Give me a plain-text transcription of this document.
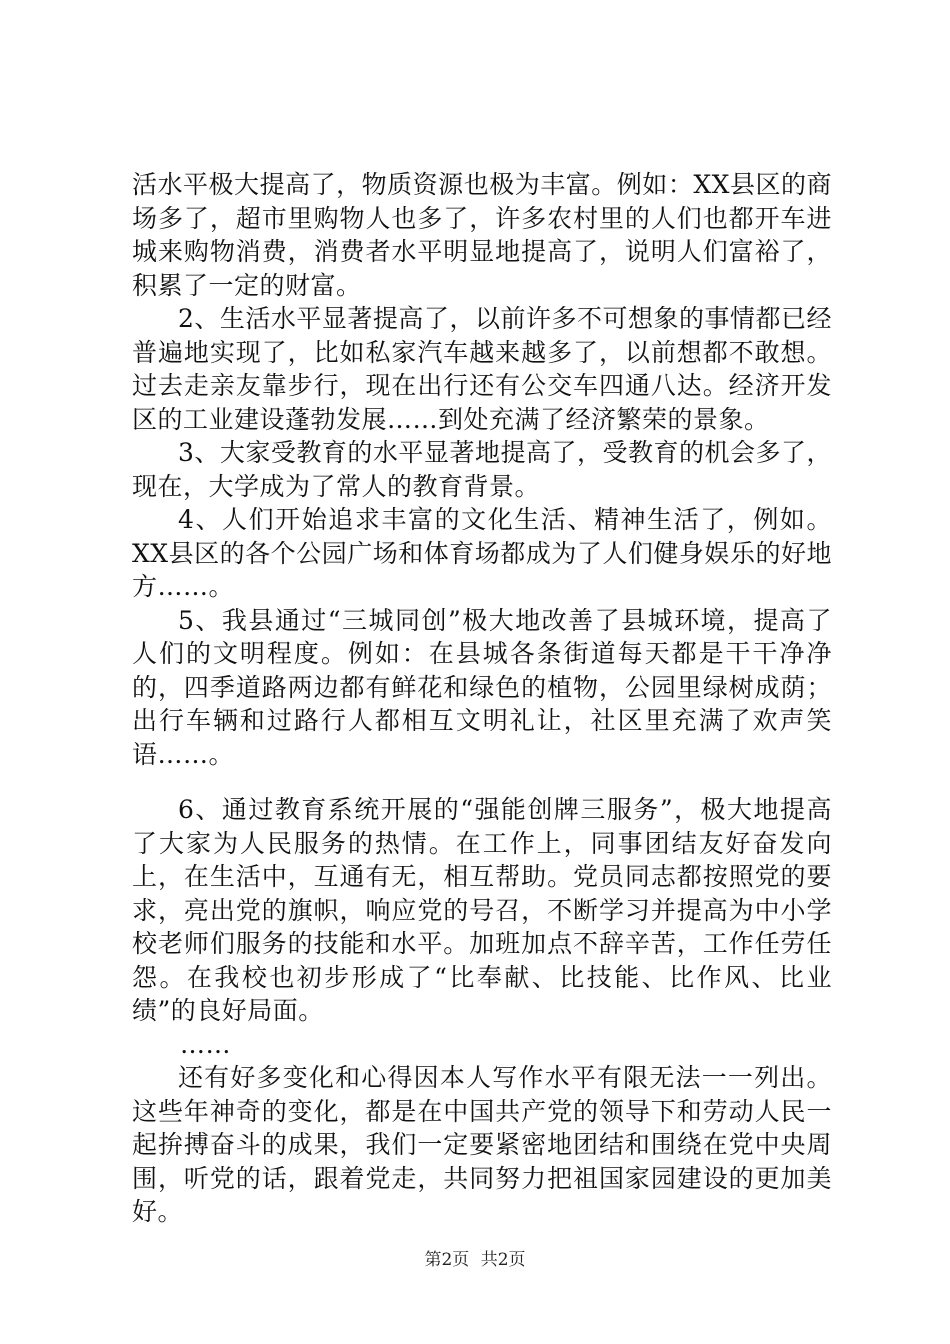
活水平极大提高了，物质资源也极为丰富。例如：XX县区的商场多了，超市里购物人也多了，许多农村里的人们也都开车进城来购物消费，消费者水平明显地提高了，说明人们富裕了，积累了一定的财富。

2、生活水平显著提高了，以前许多不可想象的事情都已经普遍地实现了，比如私家汽车越来越多了，以前想都不敢想。过去走亲友靠步行，现在出行还有公交车四通八达。经济开发区的工业建设蓬勃发展……到处充满了经济繁荣的景象。

3、大家受教育的水平显著地提高了，受教育的机会多了，现在，大学成为了常人的教育背景。

4、人们开始追求丰富的文化生活、精神生活了，例如。XX县区的各个公园广场和体育场都成为了人们健身娱乐的好地方……。

5、我县通过“三城同创”极大地改善了县城环境，提高了人们的文明程度。例如：在县城各条街道每天都是干干净净的，四季道路两边都有鲜花和绿色的植物，公园里绿树成荫；出行车辆和过路行人都相互文明礼让，社区里充满了欢声笑语……。

6、通过教育系统开展的“强能创牌三服务”，极大地提高了大家为人民服务的热情。在工作上，同事团结友好奋发向上，在生活中，互通有无，相互帮助。党员同志都按照党的要求，亮出党的旗帜，响应党的号召，不断学习并提高为中小学校老师们服务的技能和水平。加班加点不辞辛苦，工作任劳任怨。在我校也初步形成了“比奉献、比技能、比作风、比业绩”的良好局面。

……

还有好多变化和心得因本人写作水平有限无法一一列出。这些年神奇的变化，都是在中国共产党的领导下和劳动人民一起拚搏奋斗的成果，我们一定要紧密地团结和围绕在党中央周围，听党的话，跟着党走，共同努力把祖国家园建设的更加美好。

第2页 共2页
